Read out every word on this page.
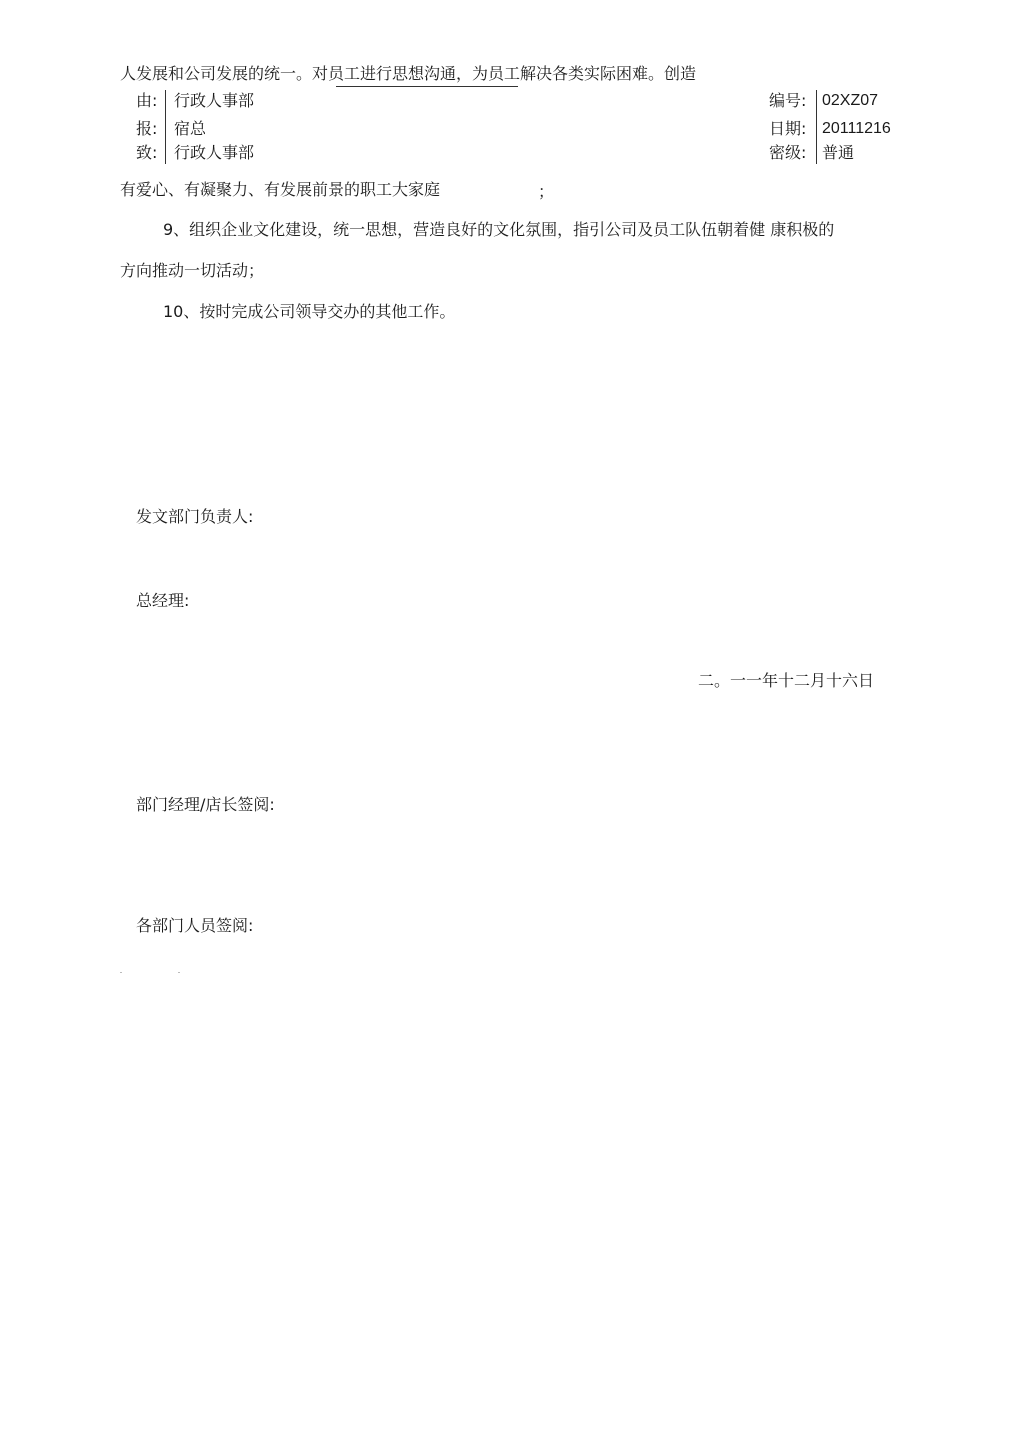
人发展和公司发展的统一。对员工进行思想沟通，为员工解决各类实际困难。创造
由: 行政人事部
报: 宿总
致: 行政人事部
编号: 02XZ07
日期: 20111216
密级: 普通
有爱心、有凝聚力、有发展前景的职工大家庭	；
9、组织企业文化建设，统一思想，营造良好的文化氛围，指引公司及员工队伍朝着健 康积极的
方向推动一切活动；
10、按时完成公司领导交办的其他工作。
发文部门负责人:
总经理:
二。一一年十二月十六日
部门经理/店长签阅:
各部门人员签阅:
